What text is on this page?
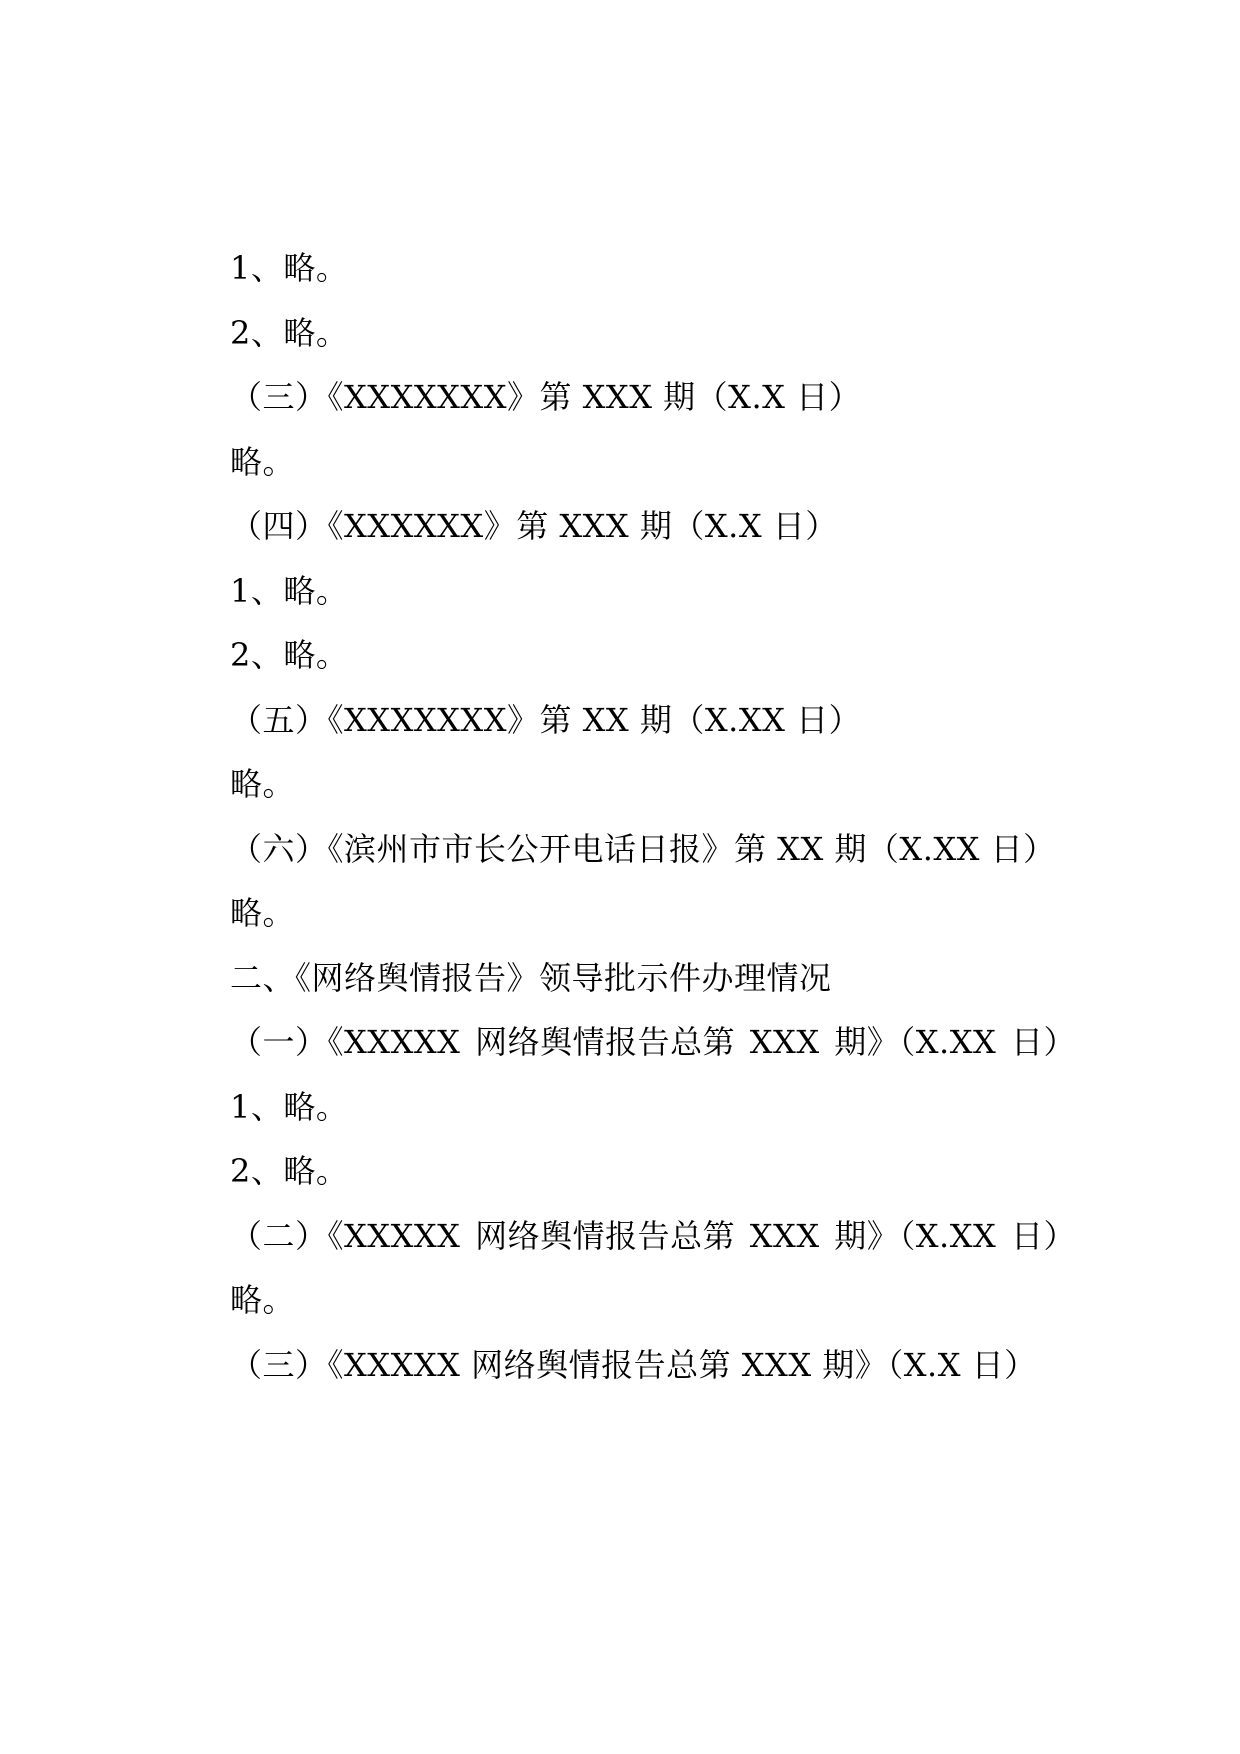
1、略。
2、略。
（三）《XXXXXXX》第 XXX 期（X.X 日）
略。
（四）《XXXXXX》第 XXX 期（X.X 日）
1、略。
2、略。
（五）《XXXXXXX》第 XX 期（X.XX 日）
略。
（六）《滨州市市长公开电话日报》第 XX 期（X.XX 日）
略。
二、《网络舆情报告》领导批示件办理情况
（一）《XXXXX 网络舆情报告总第 XXX 期》（X.XX 日）
1、略。
2、略。
（二）《XXXXX 网络舆情报告总第 XXX 期》（X.XX 日）
略。
（三）《XXXXX 网络舆情报告总第 XXX 期》（X.X 日）
